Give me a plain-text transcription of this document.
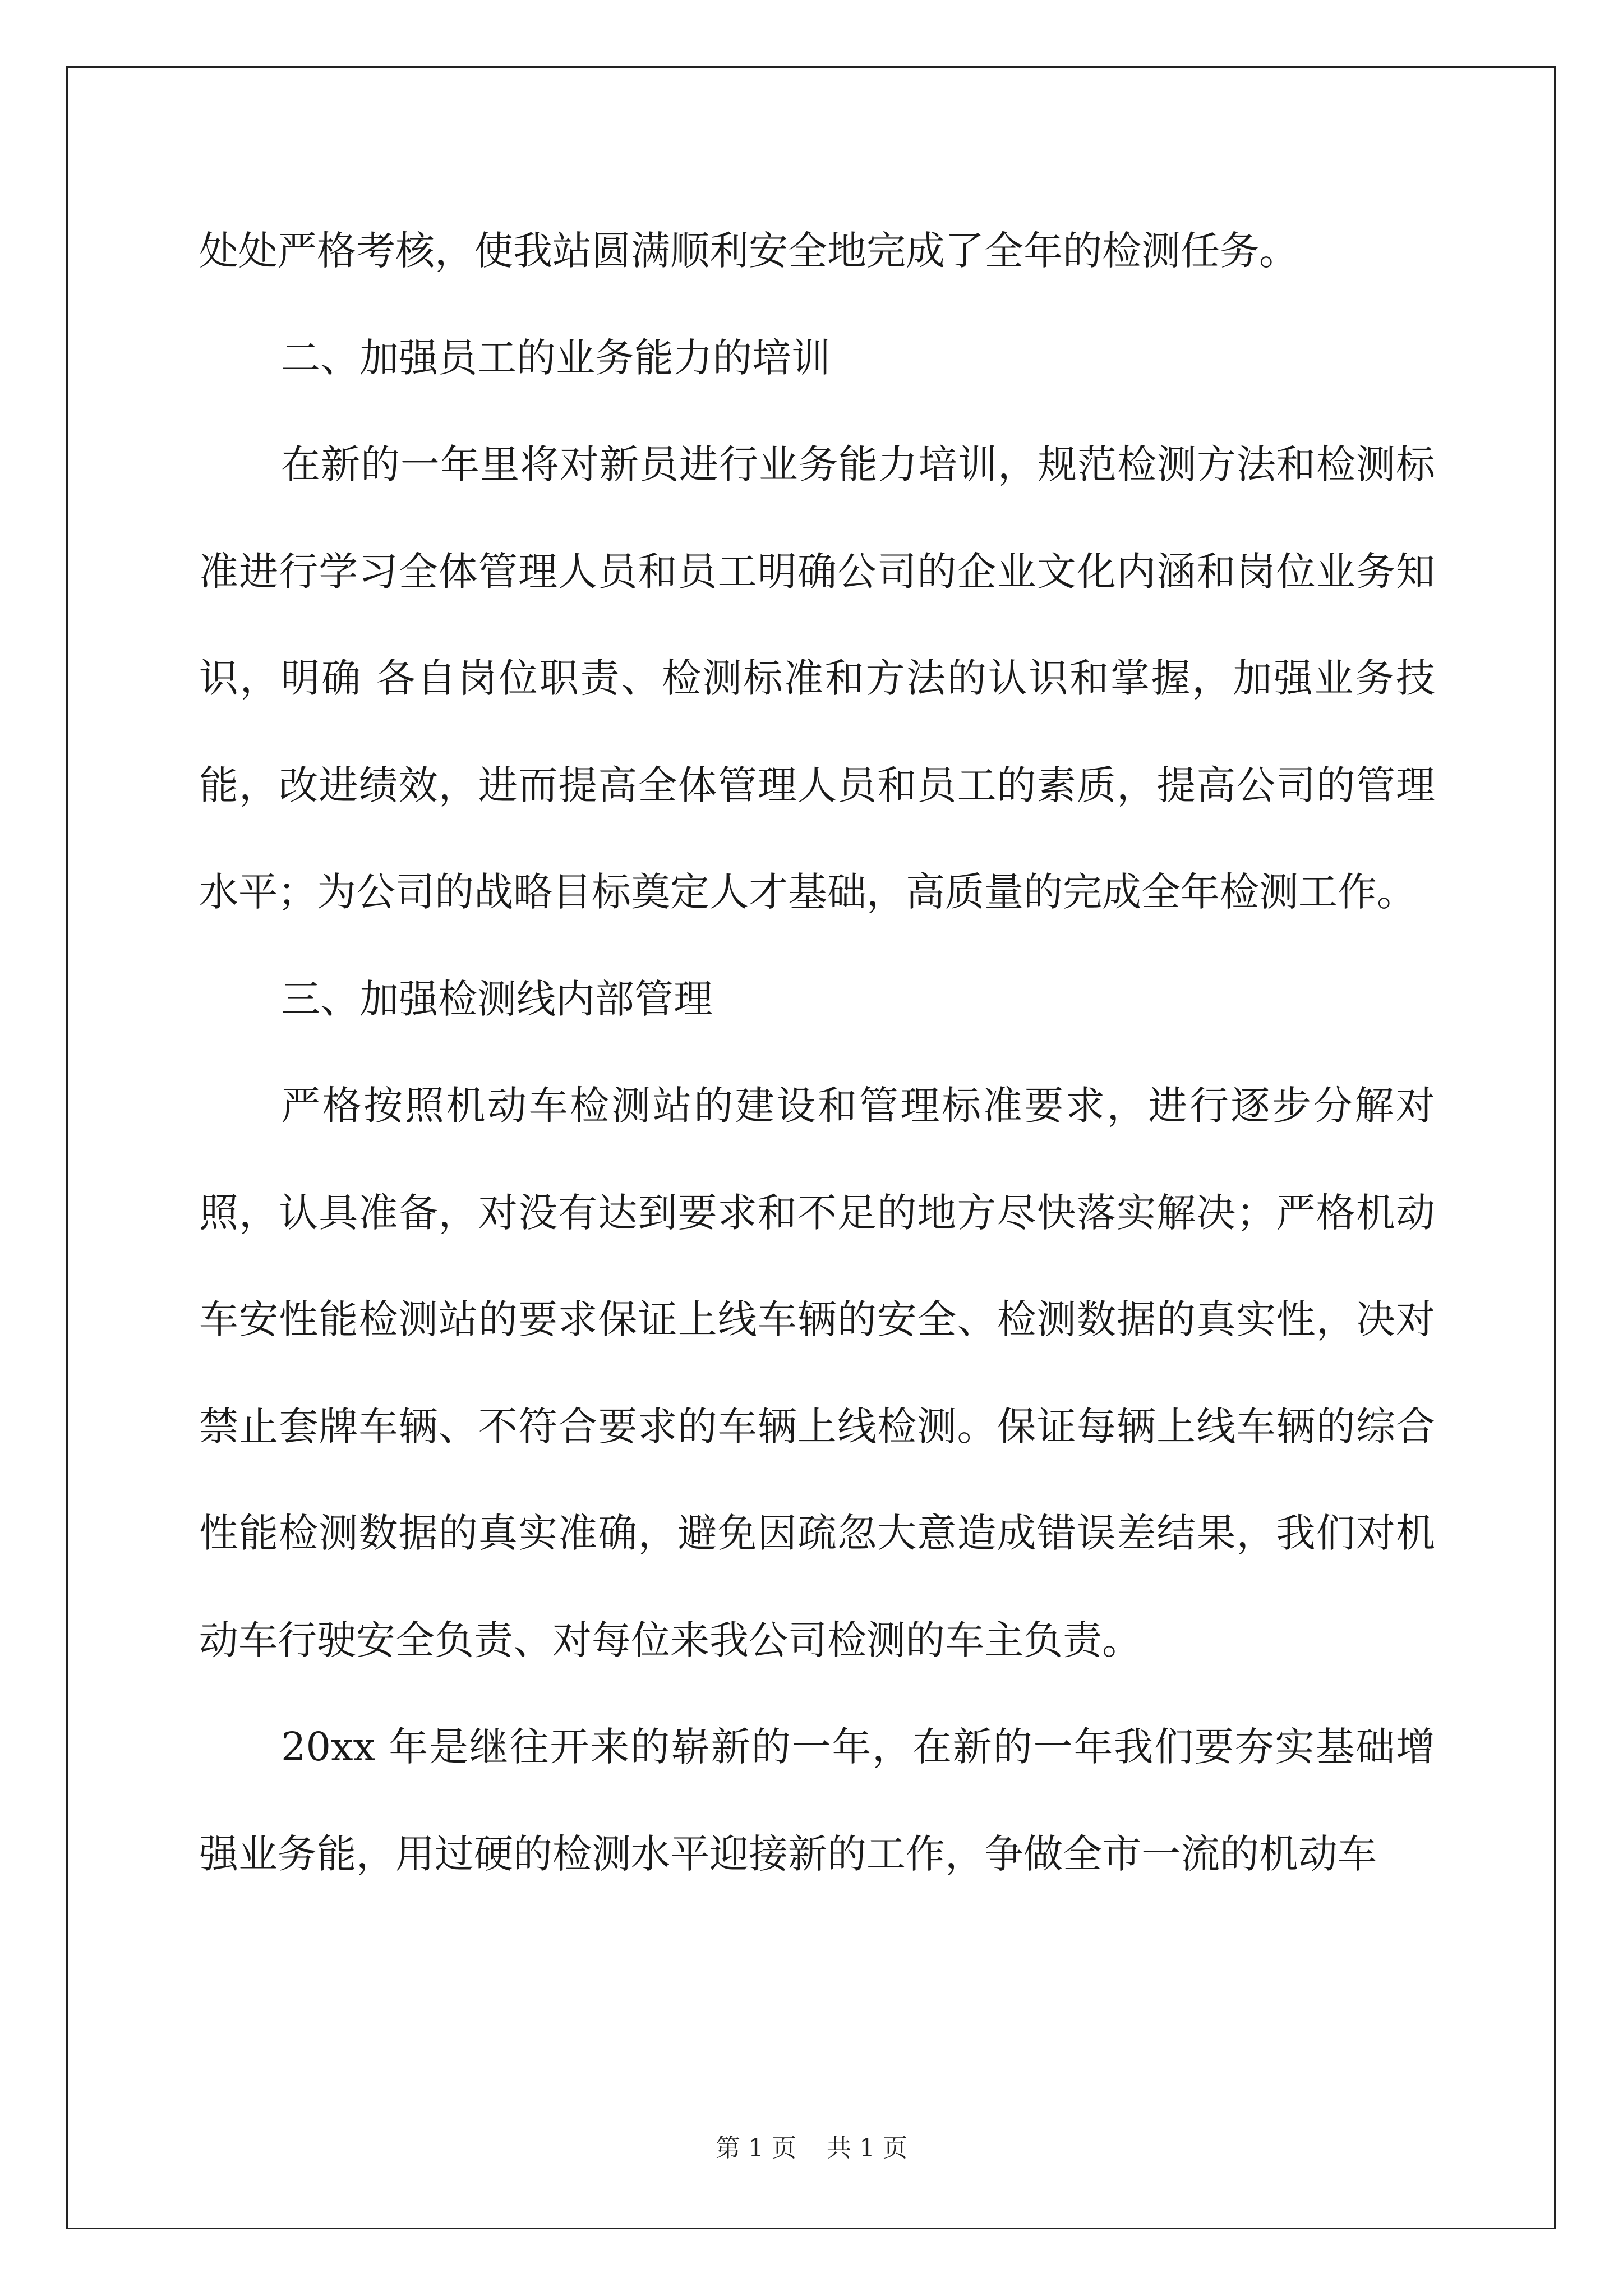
处处严格考核，使我站圆满顺利安全地完成了全年的检测任务。

二、加强员工的业务能力的培训

在新的一年里将对新员进行业务能力培训，规范检测方法和检测标准进行学习全体管理人员和员工明确公司的企业文化内涵和岗位业务知识，明确 各自岗位职责、检测标准和方法的认识和掌握，加强业务技能，改进绩效，进而提高全体管理人员和员工的素质，提高公司的管理水平；为公司的战略目标奠定人才基础，高质量的完成全年检测工作。

三、加强检测线内部管理

严格按照机动车检测站的建设和管理标准要求，进行逐步分解对照，认具准备，对没有达到要求和不足的地方尽快落实解决；严格机动车安性能检测站的要求保证上线车辆的安全、检测数据的真实性，决对禁止套牌车辆、不符合要求的车辆上线检测。保证每辆上线车辆的综合性能检测数据的真实准确，避免因疏忽大意造成错误差结果，我们对机动车行驶安全负责、对每位来我公司检测的车主负责。

20xx 年是继往开来的崭新的一年，在新的一年我们要夯实基础增强业务能，用过硬的检测水平迎接新的工作，争做全市一流的机动车

第 1 页 共 1 页
